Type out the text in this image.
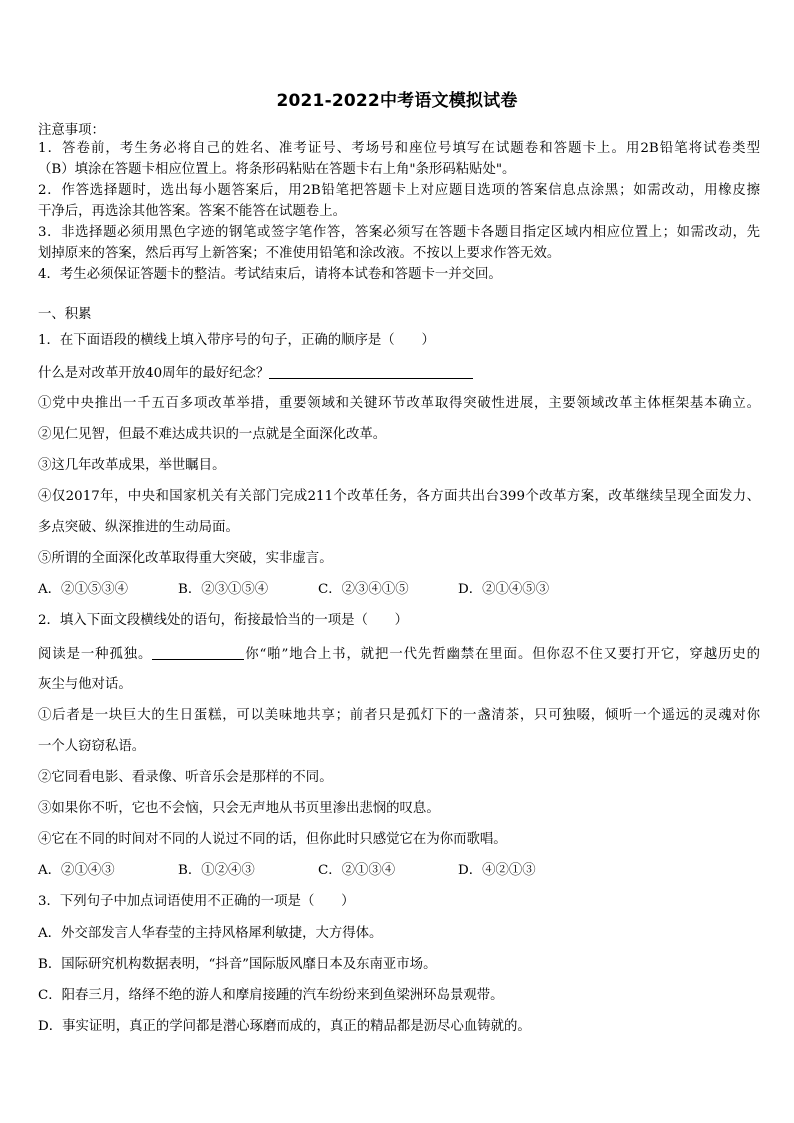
2021-2022中考语文模拟试卷
注意事项：
1．答卷前，考生务必将自己的姓名、准考证号、考场号和座位号填写在试题卷和答题卡上。用2B铅笔将试卷类型
（B）填涂在答题卡相应位置上。将条形码粘贴在答题卡右上角"条形码粘贴处"。
2．作答选择题时，选出每小题答案后，用2B铅笔把答题卡上对应题目选项的答案信息点涂黑；如需改动，用橡皮擦
干净后，再选涂其他答案。答案不能答在试题卷上。
3．非选择题必须用黑色字迹的钢笔或签字笔作答，答案必须写在答题卡各题目指定区域内相应位置上；如需改动，先
划掉原来的答案，然后再写上新答案；不准使用铅笔和涂改液。不按以上要求作答无效。
4．考生必须保证答题卡的整洁。考试结束后，请将本试卷和答题卡一并交回。
一、积累
1．在下面语段的横线上填入带序号的句子，正确的顺序是（　　）
什么是对改革开放40周年的最好纪念？
①党中央推出一千五百多项改革举措，重要领域和关键环节改革取得突破性进展，主要领域改革主体框架基本确立。
②见仁见智，但最不难达成共识的一点就是全面深化改革。
③这几年改革成果，举世瞩目。
④仅2017年，中央和国家机关有关部门完成211个改革任务，各方面共出台399个改革方案，改革继续呈现全面发力、
多点突破、纵深推进的生动局面。
⑤所谓的全面深化改革取得重大突破，实非虚言。
A．②①⑤③④	B．②③①⑤④	C．②③④①⑤	D．②①④⑤③
2．填入下面文段横线处的语句，衔接最恰当的一项是（　　）
阅读是一种孤独。	你“啪”地合上书，就把一代先哲幽禁在里面。但你忍不住又要打开它，穿越历史的
灰尘与他对话。
①后者是一块巨大的生日蛋糕，可以美味地共享；前者只是孤灯下的一盏清茶，只可独啜，倾听一个遥远的灵魂对你
一个人窃窃私语。
②它同看电影、看录像、听音乐会是那样的不同。
③如果你不听，它也不会恼，只会无声地从书页里渗出悲悯的叹息。
④它在不同的时间对不同的人说过不同的话，但你此时只感觉它在为你而歌唱。
A．②①④③	B．①②④③	C．②①③④	D．④②①③
3．下列句子中加点词语使用不正确的一项是（　　）
A．外交部发言人华春莹的主持风格犀利敏捷，大方得体。
B．国际研究机构数据表明，“抖音”国际版风靡日本及东南亚市场。
C．阳春三月，络绎不绝的游人和摩肩接踵的汽车纷纷来到鱼梁洲环岛景观带。
D．事实证明，真正的学问都是潜心琢磨而成的，真正的精品都是沥尽心血铸就的。
